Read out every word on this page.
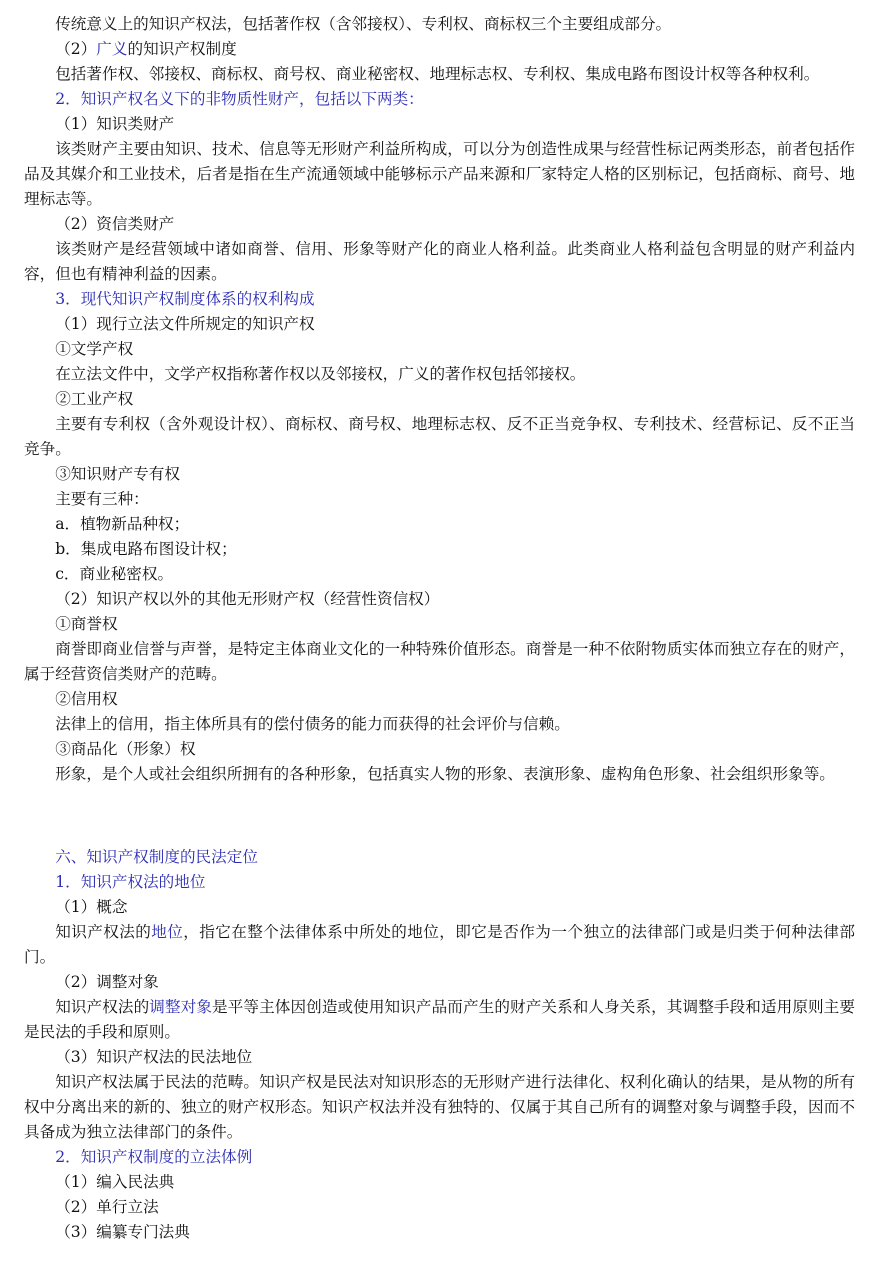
传统意义上的知识产权法，包括著作权（含邻接权）、专利权、商标权三个主要组成部分。

（2）广义的知识产权制度

包括著作权、邻接权、商标权、商号权、商业秘密权、地理标志权、专利权、集成电路布图设计权等各种权利。

2．知识产权名义下的非物质性财产，包括以下两类：

（1）知识类财产

该类财产主要由知识、技术、信息等无形财产利益所构成，可以分为创造性成果与经营性标记两类形态，前者包括作品及其媒介和工业技术，后者是指在生产流通领域中能够标示产品来源和厂家特定人格的区别标记，包括商标、商号、地理标志等。

（2）资信类财产

该类财产是经营领域中诸如商誉、信用、形象等财产化的商业人格利益。此类商业人格利益包含明显的财产利益内容，但也有精神利益的因素。

3．现代知识产权制度体系的权利构成

（1）现行立法文件所规定的知识产权

①文学产权

在立法文件中，文学产权指称著作权以及邻接权，广义的著作权包括邻接权。

②工业产权

主要有专利权（含外观设计权）、商标权、商号权、地理标志权、反不正当竞争权、专利技术、经营标记、反不正当竞争。

③知识财产专有权

主要有三种：

a．植物新品种权；

b．集成电路布图设计权；

c．商业秘密权。

（2）知识产权以外的其他无形财产权（经营性资信权）

①商誉权

商誉即商业信誉与声誉，是特定主体商业文化的一种特殊价值形态。商誉是一种不依附物质实体而独立存在的财产，属于经营资信类财产的范畴。

②信用权

法律上的信用，指主体所具有的偿付债务的能力而获得的社会评价与信赖。

③商品化（形象）权

形象，是个人或社会组织所拥有的各种形象，包括真实人物的形象、表演形象、虚构角色形象、社会组织形象等。

六、知识产权制度的民法定位

1．知识产权法的地位

（1）概念

知识产权法的地位，指它在整个法律体系中所处的地位，即它是否作为一个独立的法律部门或是归类于何种法律部门。

（2）调整对象

知识产权法的调整对象是平等主体因创造或使用知识产品而产生的财产关系和人身关系，其调整手段和适用原则主要是民法的手段和原则。

（3）知识产权法的民法地位

知识产权法属于民法的范畴。知识产权是民法对知识形态的无形财产进行法律化、权利化确认的结果，是从物的所有权中分离出来的新的、独立的财产权形态。知识产权法并没有独特的、仅属于其自己所有的调整对象与调整手段，因而不具备成为独立法律部门的条件。

2．知识产权制度的立法体例

（1）编入民法典

（2）单行立法

（3）编纂专门法典
